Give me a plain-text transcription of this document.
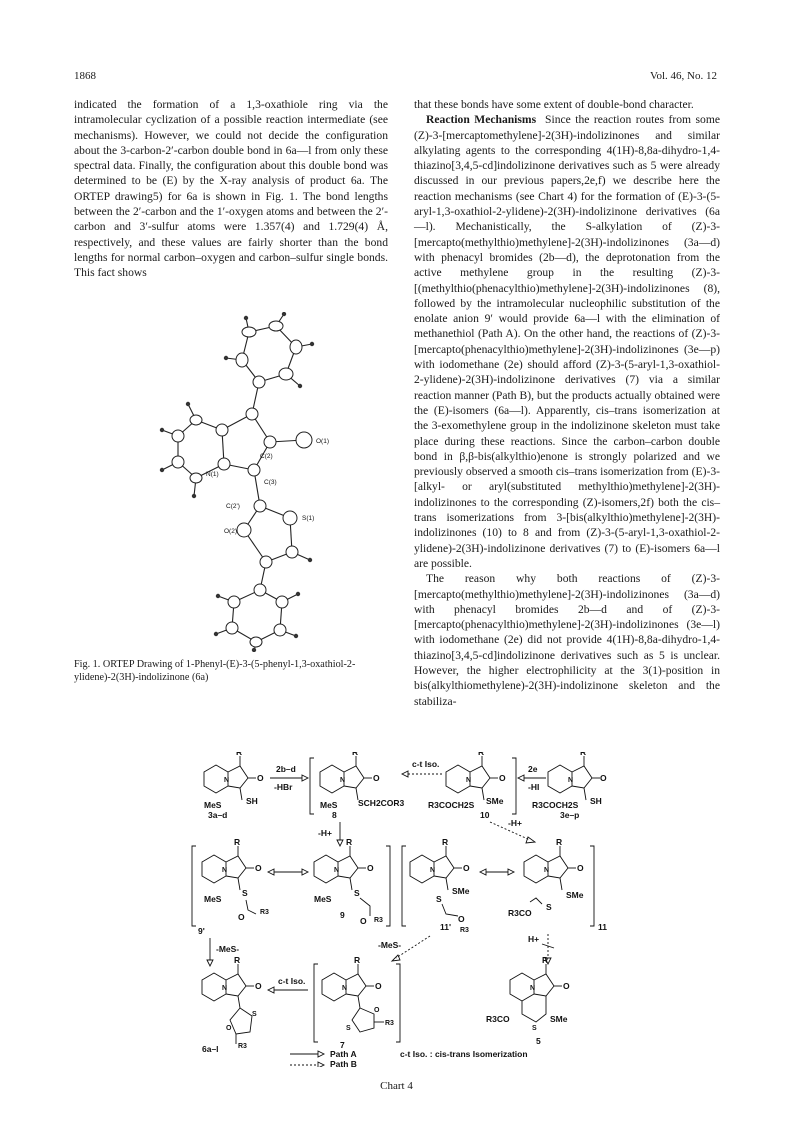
1868	Vol. 46, No. 12

indicated the formation of a 1,3-oxathiole ring via the intramolecular cyclization of a possible reaction intermediate (see mechanisms). However, we could not decide the configuration about the 3-carbon-2′-carbon double bond in 6a—l from only these spectral data. Finally, the configuration about this double bond was determined to be (E) by the X-ray analysis of product 6a. The ORTEP drawing5) for 6a is shown in Fig. 1. The bond lengths between the 2′-carbon and the 1′-oxygen atoms and between the 2′-carbon and 3′-sulfur atoms were 1.357(4) and 1.729(4) Å, respectively, and these values are fairly shorter than the bond lengths for normal carbon–oxygen and carbon–sulfur single bonds. This fact shows

O(1)
C(2)
N(1)
C(3)
C(2')
S(1)
O(2)
Fig. 1. ORTEP Drawing of 1-Phenyl-(E)-3-(5-phenyl-1,3-oxathiol-2-ylidene)-2(3H)-indolizinone (6a)

that these bonds have some extent of double-bond character.

Reaction Mechanisms Since the reaction routes from some (Z)-3-[mercaptomethylene]-2(3H)-indolizinones and similar alkylating agents to the corresponding 4(1H)-8,8a-dihydro-1,4-thiazino[3,4,5-cd]indolizinone derivatives such as 5 were already discussed in our previous papers,2e,f) we describe here the reaction mechanisms (see Chart 4) for the formation of (E)-3-(5-aryl-1,3-oxathiol-2-ylidene)-2(3H)-indolizinone derivatives (6a—l). Mechanistically, the S-alkylation of (Z)-3-[mercapto(methylthio)methylene]-2(3H)-indolizinones (3a—d) with phenacyl bromides (2b—d), the deprotonation from the active methylene group in the resulting (Z)-3-[(methylthio(phenacylthio)methylene]-2(3H)-indolizinones (8), followed by the intramolecular nucleophilic substitution of the enolate anion 9′ would provide 6a—l with the elimination of methanethiol (Path A). On the other hand, the reactions of (Z)-3-[mercapto(phenacylthio)methylene]-2(3H)-indolizinones (3e—p) with iodomethane (2e) should afford (Z)-3-(5-aryl-1,3-oxathiol-2-ylidene)-2(3H)-indolizinone derivatives (7) via a similar reaction manner (Path B), but the products actually obtained were the (E)-isomers (6a—l). Apparently, cis–trans isomerization at the 3-exomethylene group in the indolizinone skeleton must take place during these reactions. Since the carbon–carbon double bond in β,β-bis(alkylthio)enone is strongly polarized and we previously observed a smooth cis–trans isomerization from (E)-3-[alkyl- or aryl(substituted methylthio)methylene]-2(3H)-indolizinones to the corresponding (Z)-isomers,2f) both the cis–trans isomerizations from 3-[bis(alkylthio)methylene]-2(3H)-indolizinones (10) to 8 and from (Z)-3-(5-aryl-1,3-oxathiol-2-ylidene)-2(3H)-indolizinone derivatives (7) to (E)-isomers 6a—l are possible.

The reason why both reactions of (Z)-3-[mercapto(methylthio)methylene]-2(3H)-indolizinones (3a—d) with phenacyl bromides 2b—d and of (Z)-3-[mercapto(phenacylthio)methylene]-2(3H)-indolizinones (3e—l) with iodomethane (2e) did not provide 4(1H)-8,8a-dihydro-1,4-thiazino[3,4,5-cd]indolizinone derivatives such as 5 is unclear. However, the higher electrophilicity at the 3(1)-position in bis(alkylthiomethylene)-2(3H)-indolizinone skeleton and the stabiliza-

R
O
N
MeS	SH
3a–d
2b–d
-HBr
R
O
N
MeS SCH2COR3
8
c-t Iso.
R
O
N
R3COCH2S SMe
10
2e
-HI
R
O
N
R3COCH2S SH
3e–p
-H+
-H+
R
O
N
MeS
S
O R3
9'
R
O
N
MeS
S
O R3
9
R
O
N
SMe
S
O
11' R3
R
O
N
SMe
S
R3CO
11
-MeS-	-MeS-
H+
R
O
N
S
O
R3
6a–l
c-t Iso.
R
O
N
O
S
R3
7
R
O
N
S
R3CO	SMe
5
Path A
Path B
c-t Iso. : cis-trans Isomerization
Chart 4
